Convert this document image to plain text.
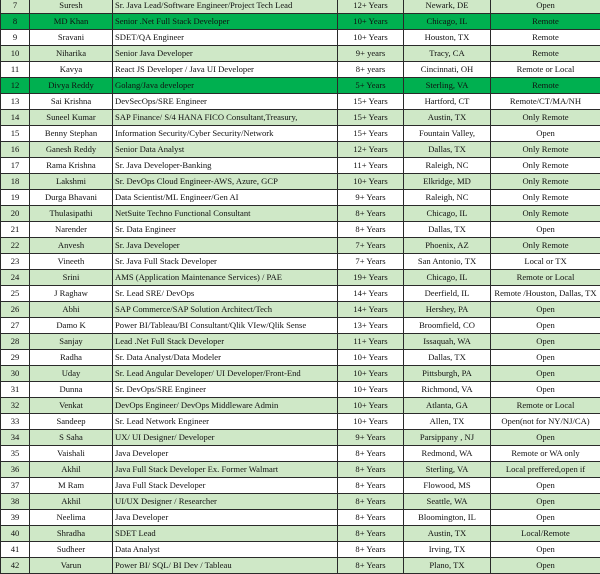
7	Suresh	Sr. Java Lead/Software Engineer/Project Tech Lead	12+ Years	Newark, DE	Open
8	MD Khan	Senior .Net Full Stack Developer	10+ Years	Chicago, IL	Remote
9	Sravani	SDET/QA Engineer	10+ Years	Houston, TX	Remote
10	Niharika	Senior Java Developer	9+ years	Tracy, CA	Remote
11	Kavya	React JS Developer / Java UI Developer	8+ years	Cincinnati, OH	Remote or Local
12	Divya Reddy	Golang/Java developer	5+ Years	Sterling, VA	Remote
13	Sai Krishna	DevSecOps/SRE Engineer	15+ Years	Hartford, CT	Remote/CT/MA/NH
14	Suneel Kumar	SAP Finance/ S/4 HANA FICO Consultant,Treasury,	15+ Years	Austin, TX	Only Remote
15	Benny Stephan	Information Security/Cyber Security/Network	15+ Years	Fountain Valley,	Open
16	Ganesh Reddy	Senior Data Analyst	12+ Years	Dallas, TX	Only Remote
17	Rama Krishna	Sr. Java Developer-Banking	11+ Years	Raleigh, NC	Only Remote
18	Lakshmi	Sr. DevOps Cloud Engineer-AWS, Azure, GCP	10+ Years	Elkridge, MD	Only Remote
19	Durga Bhavani	Data Scientist/ML Engineer/Gen AI	9+ Years	Raleigh, NC	Only Remote
20	Thulasipathi	NetSuite Techno Functional Consultant	8+ Years	Chicago, IL	Only Remote
21	Narender	Sr. Data Engineer	8+ Years	Dallas, TX	Open
22	Anvesh	Sr. Java Developer	7+ Years	Phoenix, AZ	Only Remote
23	Vineeth	Sr. Java Full Stack Developer	7+ Years	San Antonio, TX	Local or TX
24	Srini	AMS (Application Maintenance Services) / PAE	19+ Years	Chicago, IL	Remote or Local
25	J Raghaw	Sr. Lead SRE/ DevOps	14+ Years	Deerfield, IL	Remote /Houston, Dallas, TX
26	Abhi	SAP Commerce/SAP Solution Architect/Tech	14+ Years	Hershey, PA	Open
27	Damo K	Power BI/Tableau/BI Consultant/Qlik VIew/Qlik Sense	13+ Years	Broomfield, CO	Open
28	Sanjay	Lead .Net Full Stack Developer	11+ Years	Issaquah, WA	Open
29	Radha	Sr. Data Analyst/Data Modeler	10+ Years	Dallas, TX	Open
30	Uday	Sr. Lead Angular Developer/ UI Developer/Front-End	10+ Years	Pittsburgh, PA	Open
31	Dunna	Sr. DevOps/SRE Engineer	10+ Years	Richmond, VA	Open
32	Venkat	DevOps Engineer/ DevOps Middleware Admin	10+ Years	Atlanta, GA	Remote or Local
33	Sandeep	Sr. Lead Network Engineer	10+ Years	Allen, TX	Open(not for NY/NJ/CA)
34	S Saha	UX/ UI Designer/ Developer	9+ Years	Parsippany , NJ	Open
35	Vaishali	Java Developer	8+ Years	Redmond, WA	Remote or WA only
36	Akhil	Java Full Stack Developer Ex. Former Walmart	8+ Years	Sterling, VA	Local preffered,open if
37	M Ram	Java Full Stack Developer	8+ Years	Flowood, MS	Open
38	Akhil	UI/UX Designer / Researcher	8+ Years	Seattle, WA	Open
39	Neelima	Java Developer	8+ Years	Bloomington, IL	Open
40	Shradha	SDET Lead	8+ Years	Austin, TX	Local/Remote
41	Sudheer	Data Analyst	8+ Years	Irving, TX	Open
42	Varun	Power BI/ SQL/ BI Dev / Tableau	8+ Years	Plano, TX	Open
